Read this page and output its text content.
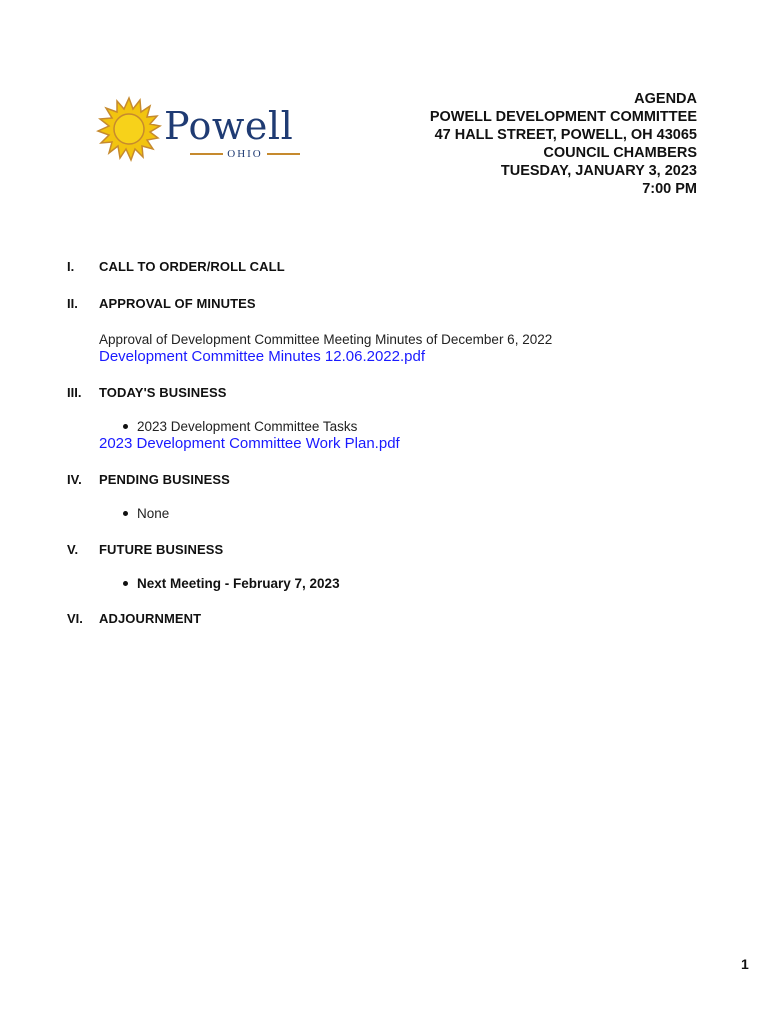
Powell
OHIO
AGENDA
POWELL DEVELOPMENT COMMITTEE
47 HALL STREET, POWELL, OH 43065
COUNCIL CHAMBERS
TUESDAY, JANUARY 3, 2023
7:00 PM
I.	CALL TO ORDER/ROLL CALL
II.	APPROVAL OF MINUTES
Approval of Development Committee Meeting Minutes of December 6, 2022
Development Committee Minutes 12.06.2022.pdf
III.	TODAY'S BUSINESS
2023 Development Committee Tasks
2023 Development Committee Work Plan.pdf
IV.	PENDING BUSINESS
None
V.	FUTURE BUSINESS
Next Meeting - February 7, 2023
VI.	ADJOURNMENT
1
